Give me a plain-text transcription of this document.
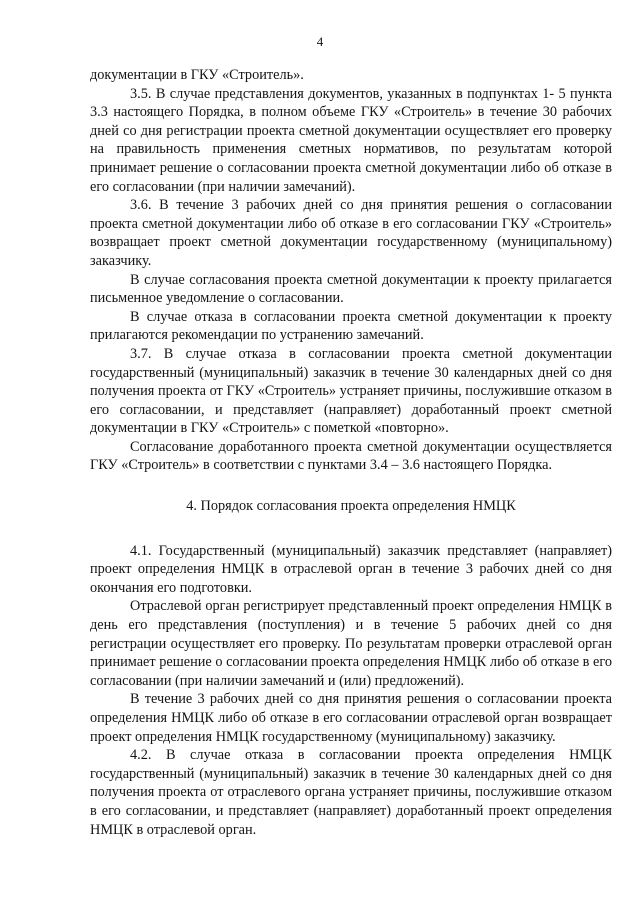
4

документации в ГКУ «Строитель».

3.5. В случае представления документов, указанных в подпунктах 1- 5 пункта 3.3 настоящего Порядка, в полном объеме ГКУ «Строитель» в течение 30 рабочих дней со дня регистрации проекта сметной документации осуществляет его проверку на правильность применения сметных нормативов, по результатам которой принимает решение о согласовании проекта сметной документации либо об отказе в его согласовании (при наличии замечаний).

3.6. В течение 3 рабочих дней со дня принятия решения о согласовании проекта сметной документации либо об отказе в его согласовании ГКУ «Строитель» возвращает проект сметной документации государственному (муниципальному) заказчику.

В случае согласования проекта сметной документации к проекту прилагается письменное уведомление о согласовании.

В случае отказа в согласовании проекта сметной документации к проекту прилагаются рекомендации по устранению замечаний.

3.7. В случае отказа в согласовании проекта сметной документации государственный (муниципальный) заказчик в течение 30 календарных дней со дня получения проекта от ГКУ «Строитель» устраняет причины, послужившие отказом в его согласовании, и представляет (направляет) доработанный проект сметной документации в ГКУ «Строитель» с пометкой «повторно».

Согласование доработанного проекта сметной документации осуществляется ГКУ «Строитель» в соответствии с пунктами 3.4 – 3.6 настоящего Порядка.

4. Порядок согласования проекта определения НМЦК

4.1. Государственный (муниципальный) заказчик представляет (направляет) проект определения НМЦК в отраслевой орган в течение 3 рабочих дней со дня окончания его подготовки.

Отраслевой орган регистрирует представленный проект определения НМЦК в день его представления (поступления) и в течение 5 рабочих дней со дня регистрации осуществляет его проверку. По результатам проверки отраслевой орган принимает решение о согласовании проекта определения НМЦК либо об отказе в его согласовании (при наличии замечаний и (или) предложений).

В течение 3 рабочих дней со дня принятия решения о согласовании проекта определения НМЦК либо об отказе в его согласовании отраслевой орган возвращает проект определения НМЦК государственному (муниципальному) заказчику.

4.2. В случае отказа в согласовании проекта определения НМЦК государственный (муниципальный) заказчик в течение 30 календарных дней со дня получения проекта от отраслевого органа устраняет причины, послужившие отказом в его согласовании, и представляет (направляет) доработанный проект определения НМЦК в отраслевой орган.
